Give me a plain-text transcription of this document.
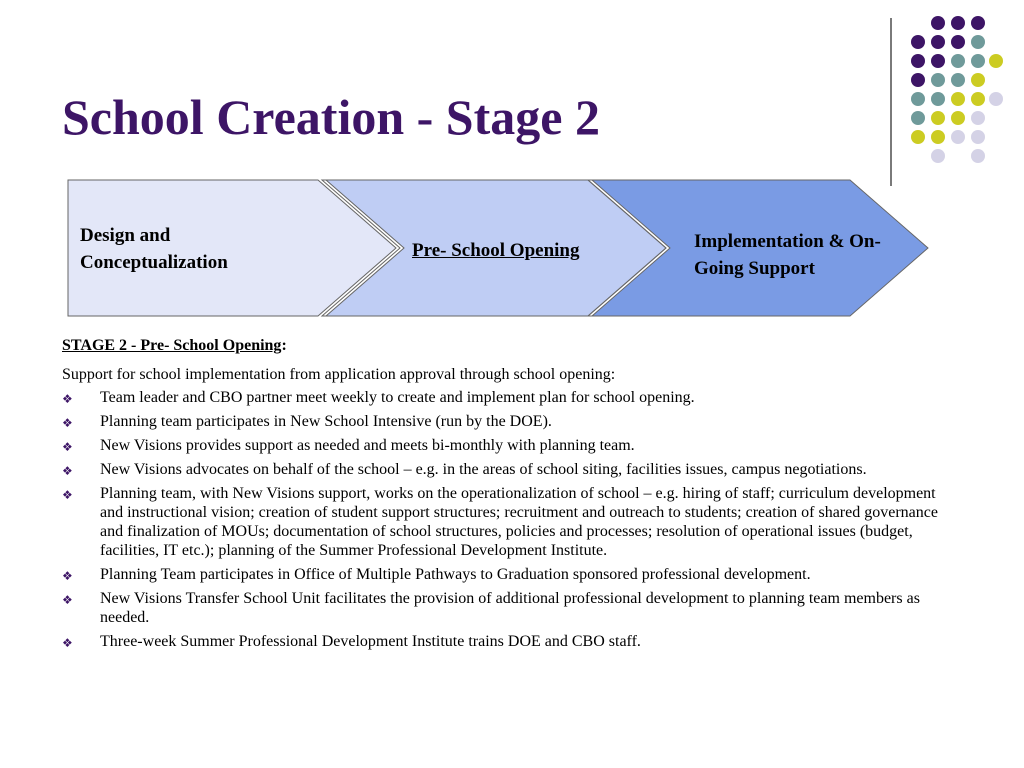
School Creation - Stage 2
Design and Conceptualization
Pre- School Opening	Implementation & On-Going Support

STAGE 2 - Pre- School Opening:

Support for school implementation from application approval through school opening:

❖ Team leader and CBO partner meet weekly to create and implement plan for school opening.
❖ Planning team participates in New School Intensive (run by the DOE).
❖ New Visions provides support as needed and meets bi-monthly with planning team.
❖ New Visions advocates on behalf of the school – e.g. in the areas of school siting, facilities issues, campus negotiations.
❖ Planning team, with New Visions support, works on the operationalization of school – e.g. hiring of staff; curriculum development and instructional vision; creation of student support structures; recruitment and outreach to students; creation of shared governance and finalization of MOUs; documentation of school structures, policies and processes; resolution of operational issues (budget, facilities, IT etc.); planning of the Summer Professional Development Institute.
❖ Planning Team participates in Office of Multiple Pathways to Graduation sponsored professional development.
❖ New Visions Transfer School Unit facilitates the provision of additional professional development to planning team members as needed.
❖ Three-week Summer Professional Development Institute trains DOE and CBO staff.
